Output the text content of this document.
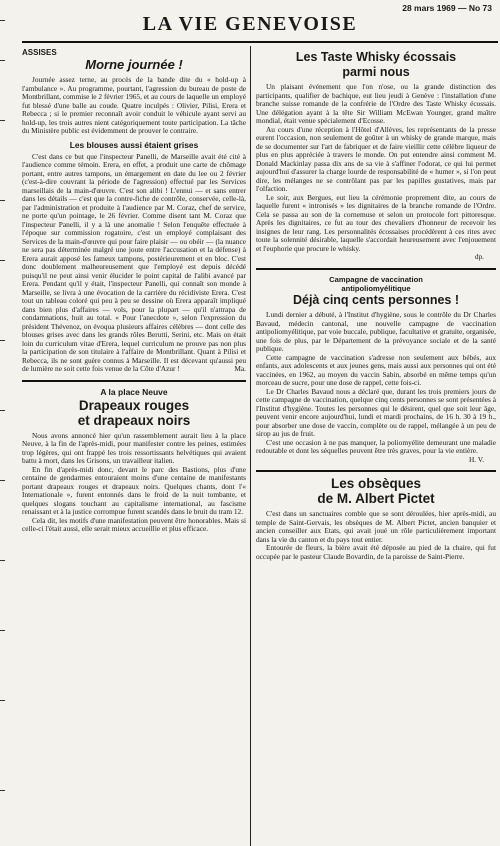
28 mars 1969 — No 73
LA VIE GENEVOISE
ASSISES
Morne journée !

Journée assez terne, au procès de la bande dite du « hold-up à l'ambulance ». Au programme, pourtant, l'agression du bureau de poste de Montbrillant, commise le 2 février 1965, et au cours de laquelle un employé fut blessé d'une balle au coude. Quatre inculpés : Olivier, Pilisi, Erera et Rebecca ; si le premier reconnaît avoir conduit le véhicule ayant servi au hold-up, les trois autres nient catégoriquement toute participation. La tâche du Ministère public est évidemment de prouver le contraire.

Les blouses aussi étaient grises

C'est dans ce but que l'inspecteur Panelli, de Marseille avait été cité à l'audience comme témoin. Erera, en effet, a produit une carte de chômage portant, entre autres tampons, un émargement en date du lee ou 2 février (c'est-à-dire couvrant la période de l'agression) effectué par les Services marseillais de la main-d'œuvre. C'est son alibi ! L'ennui — et sans entrer dans les détails — c'est que la contre-fiche de contrôle, conservée, celle-là, par l'administration et produite à l'audience par M. Coraz, chef de service, ne porte qu'un pointage, le 26 février. Comme disent tant M. Coraz que l'inspecteur Panelli, il y a là une anomalie ! Selon l'enquête effectuée à l'époque sur commission rogatoire, c'est un employé complaisant des Services de la main-d'œuvre qui pour faire plaisir — ou obéir — (la nuance ne sera pas déterminée malgré une joute entre l'accusation et la défense) à Erera aurait apposé les fameux tampons, postérieurement et en bloc. C'est donc doublement malheureusement que l'employé est depuis décédé puisqu'il ne peut ainsi venir élucider le point capital de l'alibi avancé par Erera. Pendant qu'il y était, l'inspecteur Panelli, qui connaît son monde à Marseille, se livra à une évocation de la carrière du récidiviste Erera. C'est tout un tableau coloré qui peu à peu se dessine où Erera apparaît impliqué dans bien plus d'affaires — vols, pour la plupart — qu'il n'attrapa de condamnations, huit au total. « Pour l'anecdote », selon l'expression du président Thévenoz, on évoqua plusieurs affaires célèbres — dont celle des blouses grises avec dans les grands rôles Berutti, Serini, etc. Mais on était loin du curriculum vitae d'Erera, lequel curriculum ne prouve pas non plus la participation de son titulaire à l'affaire de Montbrillant. Quant à Pilisi et Rebecca, ils ne sont guère connus à Marseille. Il est décevant qu'aussi peu de lumière ne soit cette fois venue de la Côte d'Azur !	Ma.

A la place Neuve
Drapeaux rouges
et drapeaux noirs

Nous avons annoncé hier qu'un rassemblement aurait lieu à la place Neuve, à la fin de l'après-midi, pour manifester contre les peines, estimées trop légères, qui ont frappé les trois ressortissants helvétiques qui avaient battu à mort, dans les Grisons, un travailleur italien.

En fin d'après-midi donc, devant le parc des Bastions, plus d'une centaine de gendarmes entouraient moins d'une centaine de manifestants portant drapeaux rouges et drapeaux noirs. Quelques chants, dont l'« Internationale », furent entonnés dans le froid de la nuit tombante, et quelques slogans touchant au capitalisme international, au fascisme renaissant et à la justice corrompue furent scandés dans le bruit du tram 12.

Cela dit, les motifs d'une manifestation peuvent être honorables. Mais si celle-ci l'était aussi, elle serait mieux accueillie et plus efficace.

Les Taste Whisky écossais
parmi nous

Un plaisant événement que l'on n'ose, ou la grande distinction des participants, qualifier de bachique, eut lieu jeudi à Genève : l'installation d'une branche suisse romande de la confrérie de l'Ordre des Taste Whisky écossais. Une délégation ayant à la tête Sir William McEwan Younger, grand maître mondial, était venue spécialement d'Ecosse.

Au cours d'une réception à l'Hôtel d'Allèves, les représentants de la presse eurent l'occasion, non seulement de goûter à un whisky de grande marque, mais de se documenter sur l'art de fabriquer et de faire vieillir cette célèbre liqueur de plus en plus appréciée à travers le monde. On put entendre ainsi comment M. Donald Mackinlay passa dix ans de sa vie à s'affiner l'odorat, ce qui lui permet aujourd'hui d'assurer la charge lourde de responsabilité de « humer », si l'on peut dire, les mélanges ne se contrôlant pas par les papilles gustatives, mais par l'olfaction.

Le soir, aux Bergues, eut lieu la cérémonie proprement dite, au cours de laquelle furent « intronisés » les dignitaires de la branche romande de l'Ordre. Cela se passa au son de la cornemuse et selon un protocole fort pittoresque. Après les dignitaires, ce fut au tour des chevaliers d'honneur de recevoir les insignes de leur rang. Les personnalités écossaises procédèrent à ces rites avec toute la solennité désirable, laquelle s'accordait heureusement avec l'enjouement et l'euphorie que procure le whisky.

dp.
Campagne de vaccination
antipoliomyélitique
Déjà cinq cents personnes !

Lundi dernier a débuté, à l'Institut d'hygiène, sous le contrôle du Dr Charles Bavaud, médecin cantonal, une nouvelle campagne de vaccination antipoliomyélitique, par voie buccale, publique, facultative et gratuite, organisée, une fois de plus, par le Département de la prévoyance sociale et de la santé publique.

Cette campagne de vaccination s'adresse non seulement aux bébés, aux enfants, aux adolescents et aux jeunes gens, mais aussi aux personnes qui ont été vaccinées, en 1962, au moyen du vaccin Sabin, absorbé en même temps qu'un morceau de sucre, pour une dose de rappel, cette fois-ci.

Le Dr Charles Bavaud nous a déclaré que, durant les trois premiers jours de cette campagne de vaccination, quelque cinq cents personnes se sont présentées à l'Institut d'hygiène. Toutes les personnes qui le désirent, quel que soit leur âge, peuvent venir encore aujourd'hui, lundi et mardi prochains, de 16 h. 30 à 19 h., pour absorber une dose de vaccin, complète ou de rappel, mélangée à un peu de sirop au jus de fruit.

C'est une occasion à ne pas manquer, la poliomyélite demeurant une maladie redoutable et dont les séquelles peuvent être très graves, pour la vie entière.

H. V.
Les obsèques
de M. Albert Pictet

C'est dans un sanctuaires comble que se sont déroulées, hier après-midi, au temple de Saint-Gervais, les obsèques de M. Albert Pictet, ancien banquier et ancien conseiller aux Etats, qui avait joué un rôle particulièrement important dans la vie du canton et du pays tout entier.

Entourée de fleurs, la bière avait été déposée au pied de la chaire, qui fut occupée par le pasteur Claude Bovardin, de la paroisse de Saint-Pierre.
